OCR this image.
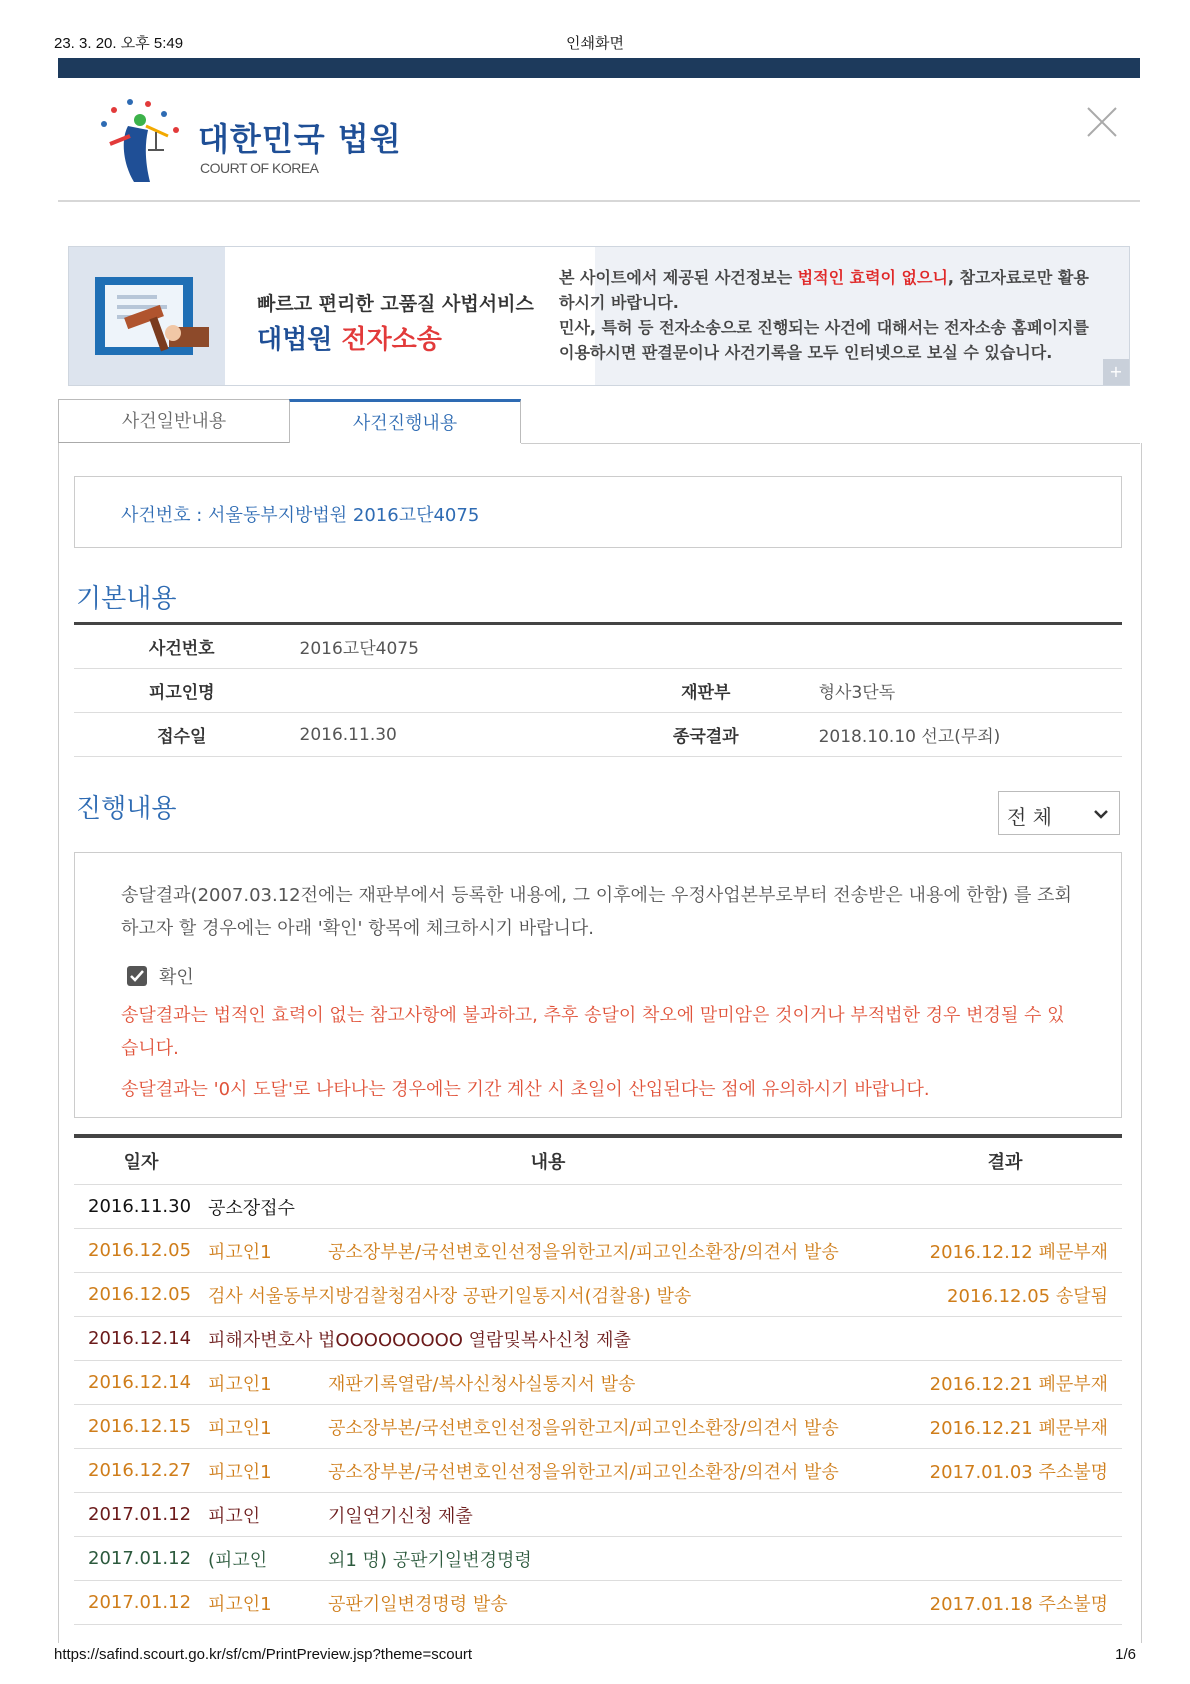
23. 3. 20. 오후 5:49	인쇄화면
대한민국 법원
COURT OF KOREA
빠르고 편리한 고품질 사법서비스
대법원 전자소송
본 사이트에서 제공된 사건정보는 법적인 효력이 없으니, 참고자료로만 활용하시기 바랍니다.
민사, 특허 등 전자소송으로 진행되는 사건에 대해서는 전자소송 홈페이지를 이용하시면 판결문이나 사건기록을 모두 인터넷으로 보실 수 있습니다.
+
사건일반내용	사건진행내용
사건번호 : 서울동부지방법원 2016고단4075
기본내용
사건번호	2016고단4075		
피고인명		재판부	형사3단독
접수일	2016.11.30	종국결과	2018.10.10 선고(무죄)
진행내용	전 체
송달결과(2007.03.12전에는 재판부에서 등록한 내용에, 그 이후에는 우정사업본부로부터 전송받은 내용에 한함) 를 조회하고자 할 경우에는 아래 '확인' 항목에 체크하시기 바랍니다.
확인
송달결과는 법적인 효력이 없는 참고사항에 불과하고, 추후 송달이 착오에 말미암은 것이거나 부적법한 경우 변경될 수 있습니다.
송달결과는 '0시 도달'로 나타나는 경우에는 기간 계산 시 초일이 산입된다는 점에 유의하시기 바랍니다.
일자	내용		결과
2016.11.30	공소장접수		
2016.12.05	피고인1	공소장부본/국선변호인선정을위한고지/피고인소환장/의견서 발송	2016.12.12 폐문부재
2016.12.05	검사 서울동부지방검찰청검사장 공판기일통지서(검찰용) 발송		2016.12.05 송달됨
2016.12.14	피해자변호사 법OOOOOOOOO 열람및복사신청 제출		
2016.12.14	피고인1	재판기록열람/복사신청사실통지서 발송	2016.12.21 폐문부재
2016.12.15	피고인1	공소장부본/국선변호인선정을위한고지/피고인소환장/의견서 발송	2016.12.21 폐문부재
2016.12.27	피고인1	공소장부본/국선변호인선정을위한고지/피고인소환장/의견서 발송	2017.01.03 주소불명
2017.01.12	피고인	기일연기신청 제출	
2017.01.12	(피고인	외1 명) 공판기일변경명령	
2017.01.12	피고인1	공판기일변경명령 발송	2017.01.18 주소불명
https://safind.scourt.go.kr/sf/cm/PrintPreview.jsp?theme=scourt	1/6
